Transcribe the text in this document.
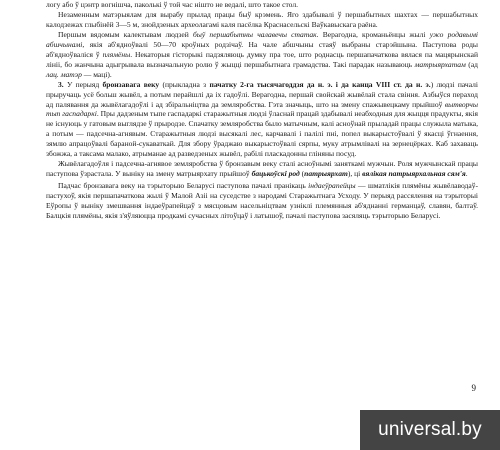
логу або ў цэнтр вогнішча, паколькі ў той час нішто не ведалі, што такое стол.

Незаменным матэрыялам для вырабу прылад працы быў крэмень. Яго здабывалі ў першабытных шахтах — першабытных калодзежах глыбінёй 3—5 м, знойдзеных археолагамі каля пасёлка Краснасельскі Ваўкавыскага раёна.

Першым вядомым калектывам людзей быў першабытны чалавечы статак. Верагодна, кроманьёнцы жылі ужо родавымі абшчынамі, якія аб'ядноўвалі 50—70 кроўных родзічаў. На чале абшчыны стаяў выбраны старэйшына. Паступова роды аб'ядноўваліся ў плямёны. Некаторыя гісторыкі падзяляюць думку пра тое, што роднасць першапачаткова вялася па мацярынскай лініі, бо жанчына адыгрывала вызначальную ролю ў жыцці першабытнага грамадства. Такі парадак называюць матрыярхатам (ад лац. матэр — маці).

3. У перыяд бронзавага веку (прыкладна з пачатку 2-га тысячагоддзя да н. э. і да канца VIII ст. да н. э.) людзі пачалі прыручаць усё больш жывёл, а потым перайшлі да іх гадоўлі. Верагодна, першай свойскай жывёлай стала свіння. Азбыўся пераход ад палявання да жывёлагадоўлі і ад збіральніцтва да земляробства. Гэта значыць, што на змену спажывецкаму прыйшоў вытворчы тып гаспадаркі. Пры дадзеным тыпе гаспадаркі старажытныя людзі ўласнай працай здабывалі неабходныя для жыцця прадукты, якія не існуюць у гатовым выглядзе ў прыродзе. Спачатку земляробства было матычным, калі асноўнай прыладай працы служыла матыка, а потым — падсечна-агнявым. Старажытныя людзі высякалі лес, карчавалі і палілі пні, попел выкарыстоўвалі ў якасці ўгнаення, зямлю апрацоўвалі бараной-сукаваткай. Для збору ўраджаю выкарыстоўвалі сярпы, муку атрымлівалі на зернецёрках. Каб захаваць збожжа, а таксама малако, атрыманае ад разведзеных жывёл, рабілі пласкадонны гліняны посуд.

Жывёлагадоўля і падсечна-агнявое земляробства ў бронзавым веку сталі асноўнымі заняткамі мужчын. Роля мужчынскай працы паступова ўзрастала. У выніку на змену матрыярхату прыйшоў бацькоўскі род (патрыярхат), ці вялікая патрыярхальная сям'я.

Падчас бронзавага веку на тэрыторыю Беларусі паступова пачалі пранікаць індаеўрапейцы — шматлікія плямёны жывёлаводаў-пастухоў, якія першапачаткова жылі ў Малой Азіі на суседстве з народамі Старажытнага Усходу. У перыяд рассялення на тэрыторыі Еўропы ў выніку змешвання індаеўрапейцаў з мясцовым насельніцтвам узніклі племянныя аб'яднанні германцаў, славян, балтаў. Балцкія плямёны, якія з'яўляюцца продкамі сучасных літоўцаў і латышоў, пачалі паступова засяляць тэрыторыю Беларусі.

9
universal.by
